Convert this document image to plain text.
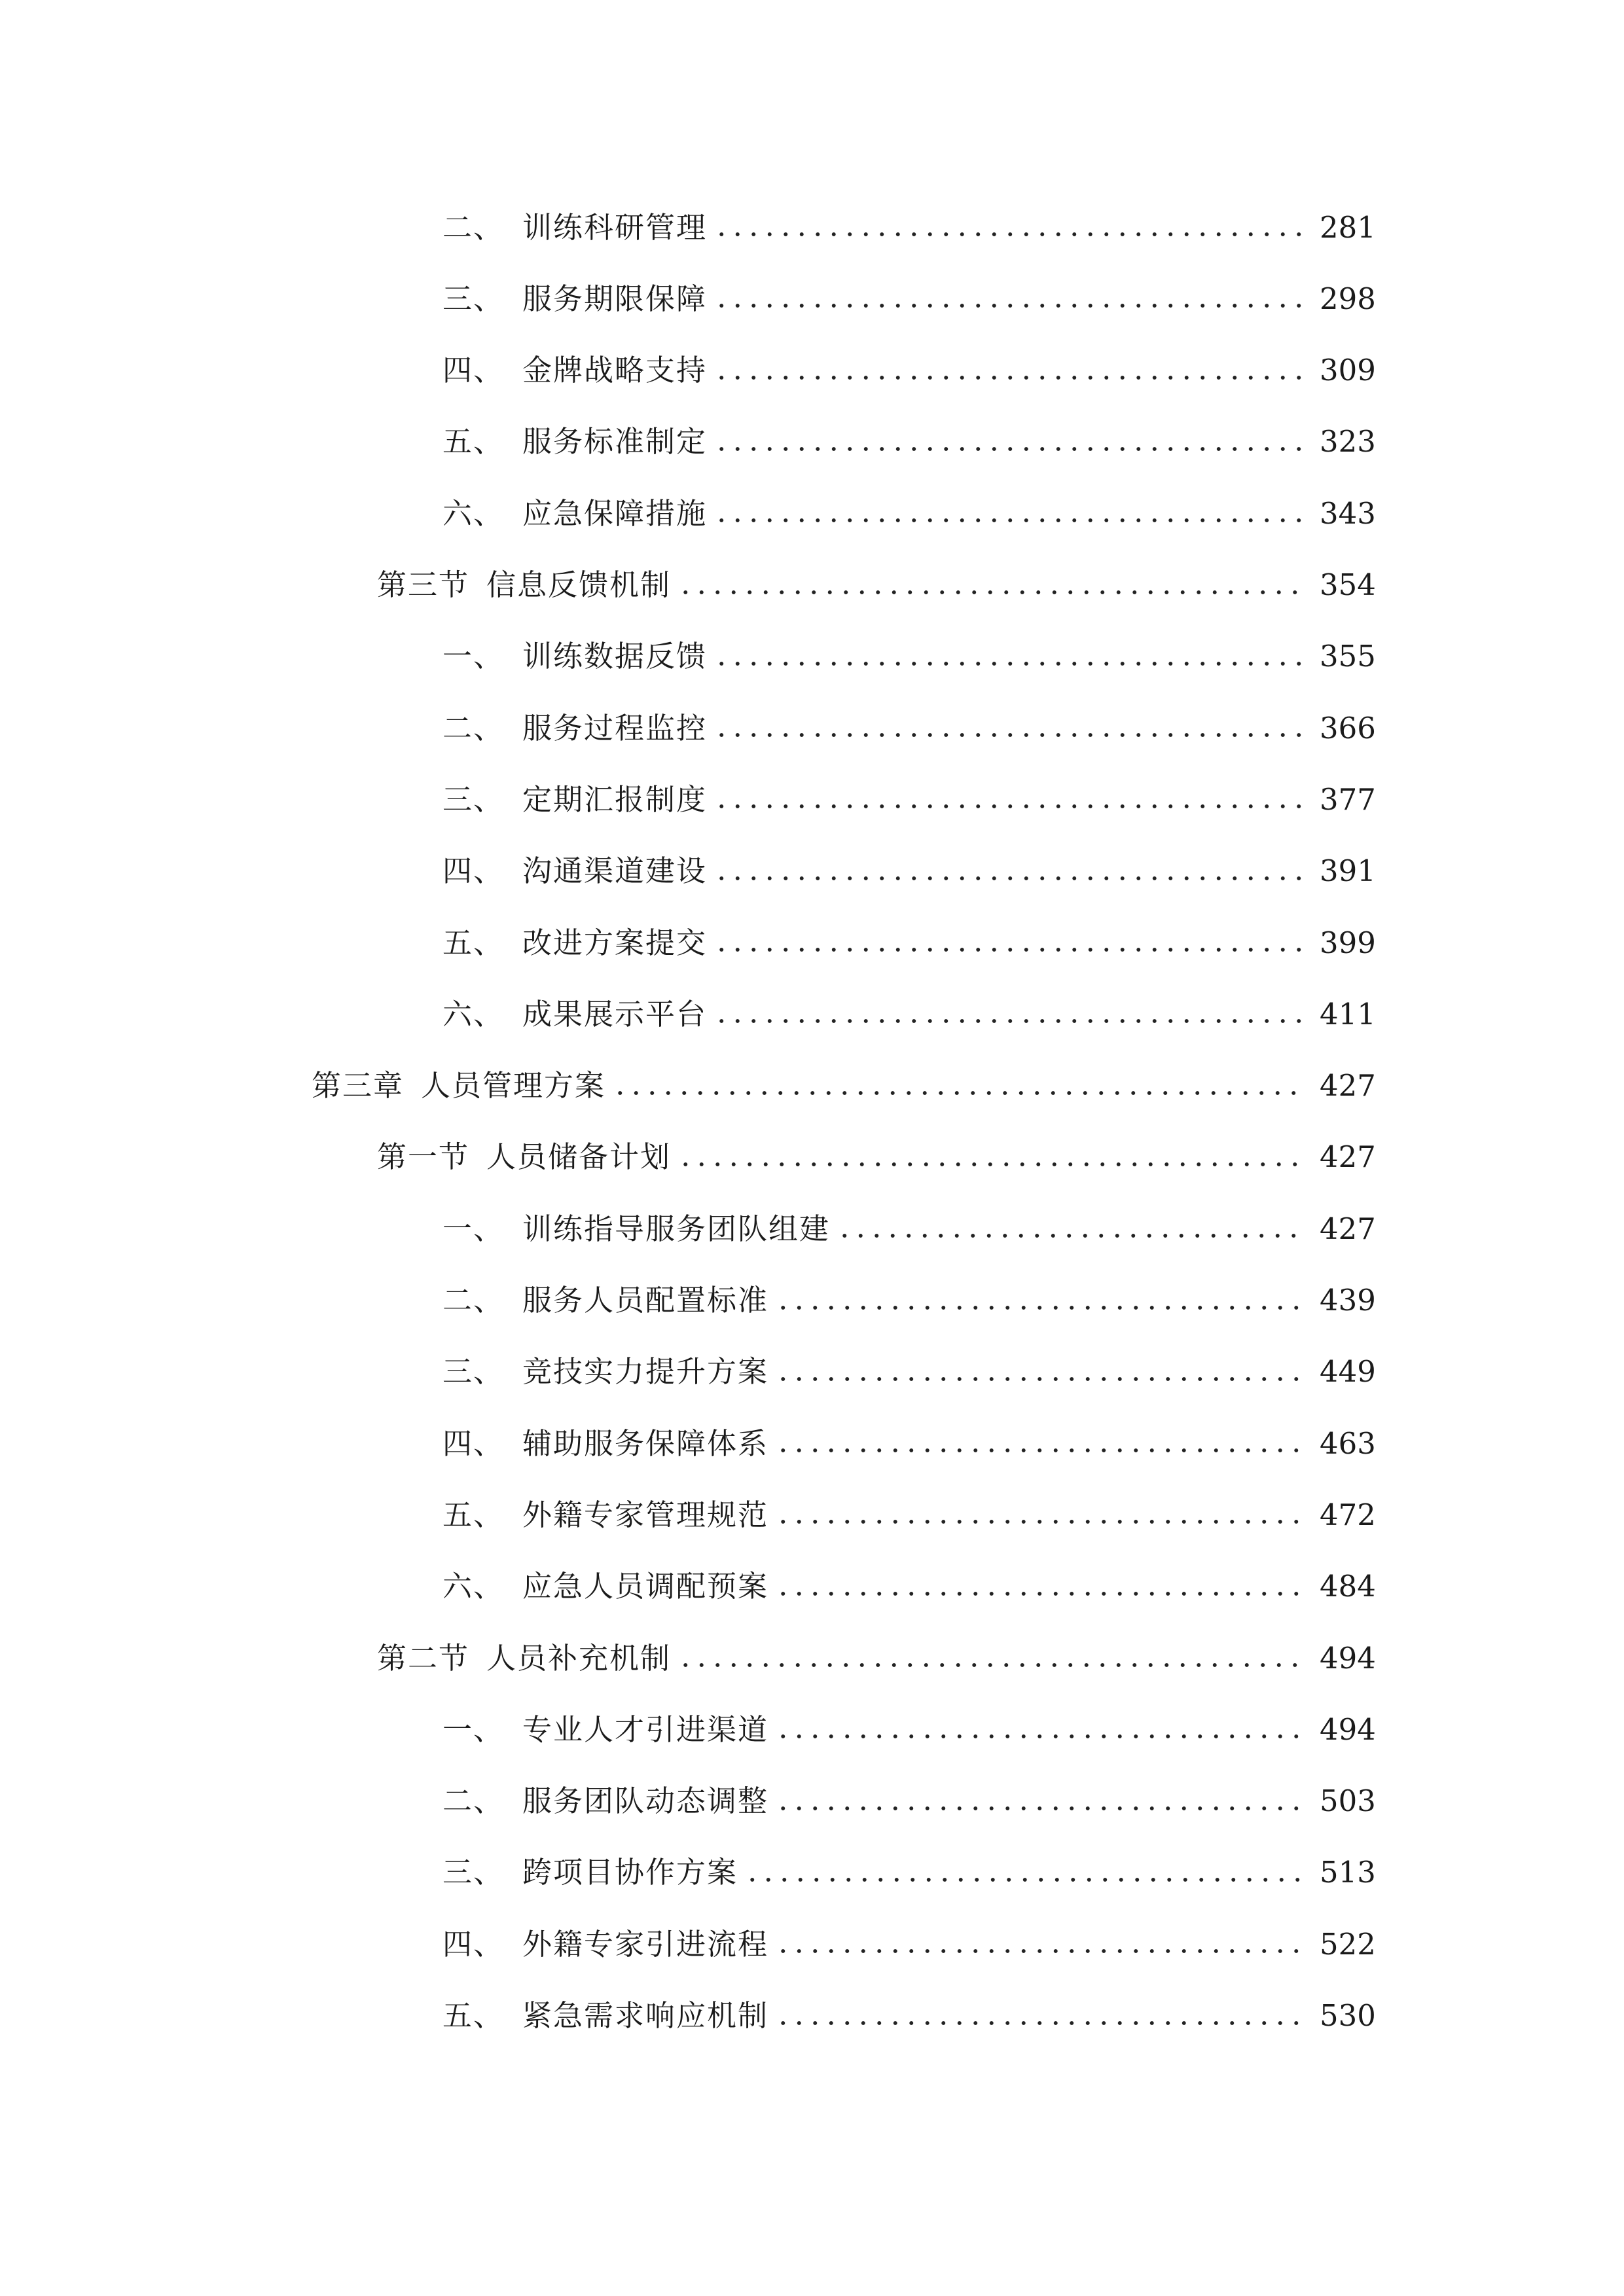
二、 训练科研管理	281
三、 服务期限保障	298
四、 金牌战略支持	309
五、 服务标准制定	323
六、 应急保障措施	343
第三节 信息反馈机制	354
一、 训练数据反馈	355
二、 服务过程监控	366
三、 定期汇报制度	377
四、 沟通渠道建设	391
五、 改进方案提交	399
六、 成果展示平台	411
第三章 人员管理方案	427
第一节 人员储备计划	427
一、 训练指导服务团队组建	427
二、 服务人员配置标准	439
三、 竞技实力提升方案	449
四、 辅助服务保障体系	463
五、 外籍专家管理规范	472
六、 应急人员调配预案	484
第二节 人员补充机制	494
一、 专业人才引进渠道	494
二、 服务团队动态调整	503
三、 跨项目协作方案	513
四、 外籍专家引进流程	522
五、 紧急需求响应机制	530
